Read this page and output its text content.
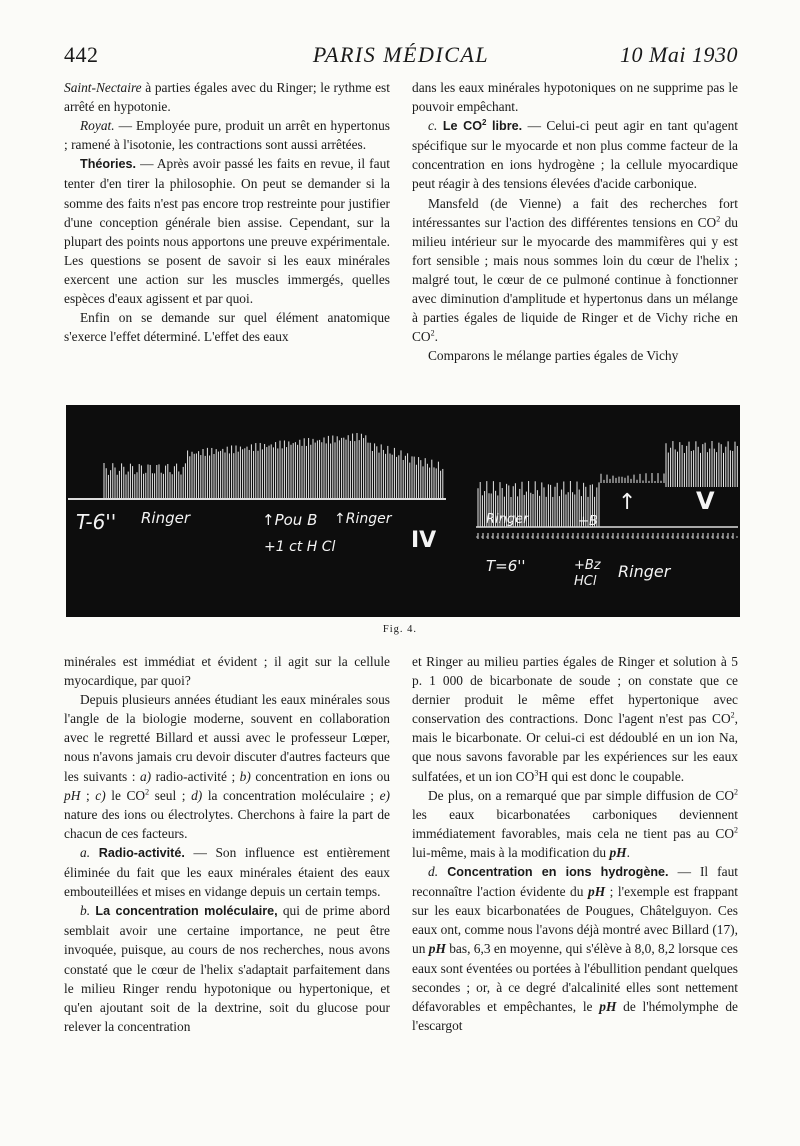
442	PARIS MÉDICAL	10 Mai 1930

Saint-Nectaire à parties égales avec du Ringer; le rythme est arrêté en hypotonie.

Royat. — Employée pure, produit un arrêt en hypertonus ; ramené à l'isotonie, les contractions sont aussi arrêtées.

Théories. — Après avoir passé les faits en revue, il faut tenter d'en tirer la philosophie. On peut se demander si la somme des faits n'est pas encore trop restreinte pour justifier d'une conception générale bien assise. Cependant, sur la plupart des points nous apportons une preuve expérimentale. Les questions se posent de savoir si les eaux minérales exercent une action sur les muscles immergés, quelles espèces d'eaux agissent et par quoi.

Enfin on se demande sur quel élément anatomique s'exerce l'effet déterminé. L'effet des eaux

dans les eaux minérales hypotoniques on ne supprime pas le pouvoir empêchant.

c. Le $CO^2$ libre. — Celui-ci peut agir en tant qu'agent spécifique sur le myocarde et non plus comme facteur de la concentration en ions hydrogène ; la cellule myocardique peut réagir à des tensions élevées d'acide carbonique.

Mansfeld (de Vienne) a fait des recherches fort intéressantes sur l'action des différentes tensions en $CO^2$ du milieu intérieur sur le myocarde des mammifères qui y est fort sensible ; mais nous sommes loin du cœur de l'helix ; malgré tout, le cœur de ce pulmoné continue à fonctionner avec diminution d'amplitude et hypertonus dans un mélange à parties égales de liquide de Ringer et de Vichy riche en $CO^2$.

Comparons le mélange parties égales de Vichy

T-6'' Ringer	↑Pou B ↑Ringer
+1 ct H Cl	IV
Ringer	+B
↑ V
T=6''	+Bz
HCl
Ringer
Fig. 4.

minérales est immédiat et évident ; il agit sur la cellule myocardique, par quoi?

Depuis plusieurs années étudiant les eaux minérales sous l'angle de la biologie moderne, souvent en collaboration avec le regretté Billard et aussi avec le professeur Lœper, nous n'avons jamais cru devoir discuter d'autres facteurs que les suivants : a) radio-activité ; b) concentration en ions ou pH ; c) le $CO^2$ seul ; d) la concentration moléculaire ; e) nature des ions ou électrolytes. Cherchons à faire la part de chacun de ces facteurs.

a. Radio-activité. — Son influence est entièrement éliminée du fait que les eaux minérales étaient des eaux embouteillées et mises en vidange depuis un certain temps.

b. La concentration moléculaire, qui de prime abord semblait avoir une certaine importance, ne peut être invoquée, puisque, au cours de nos recherches, nous avons constaté que le cœur de l'helix s'adaptait parfaitement dans le milieu Ringer rendu hypotonique ou hypertonique, et qu'en ajoutant soit de la dextrine, soit du glucose pour relever la concentration

et Ringer au milieu parties égales de Ringer et solution à 5 p. 1 000 de bicarbonate de soude ; on constate que ce dernier produit le même effet hypertonique avec conservation des contractions. Donc l'agent n'est pas $CO^2$, mais le bicarbonate. Or celui-ci est dédoublé en un ion Na, que nous savons favorable par les expériences sur les eaux sulfatées, et un ion $CO^3H$ qui est donc le coupable.

De plus, on a remarqué que par simple diffusion de $CO^2$ les eaux bicarbonatées carboniques deviennent immédiatement favorables, mais cela ne tient pas au $CO^2$ lui-même, mais à la modification du pH.

d. Concentration en ions hydrogène. — Il faut reconnaître l'action évidente du pH ; l'exemple est frappant sur les eaux bicarbonatées de Pougues, Châtelguyon. Ces eaux ont, comme nous l'avons déjà montré avec Billard (17), un pH bas, 6,3 en moyenne, qui s'élève à 8,0, 8,2 lorsque ces eaux sont éventées ou portées à l'ébullition pendant quelques secondes ; or, à ce degré d'alcalinité elles sont nettement défavorables et empêchantes, le pH de l'hémolymphe de l'escargot
